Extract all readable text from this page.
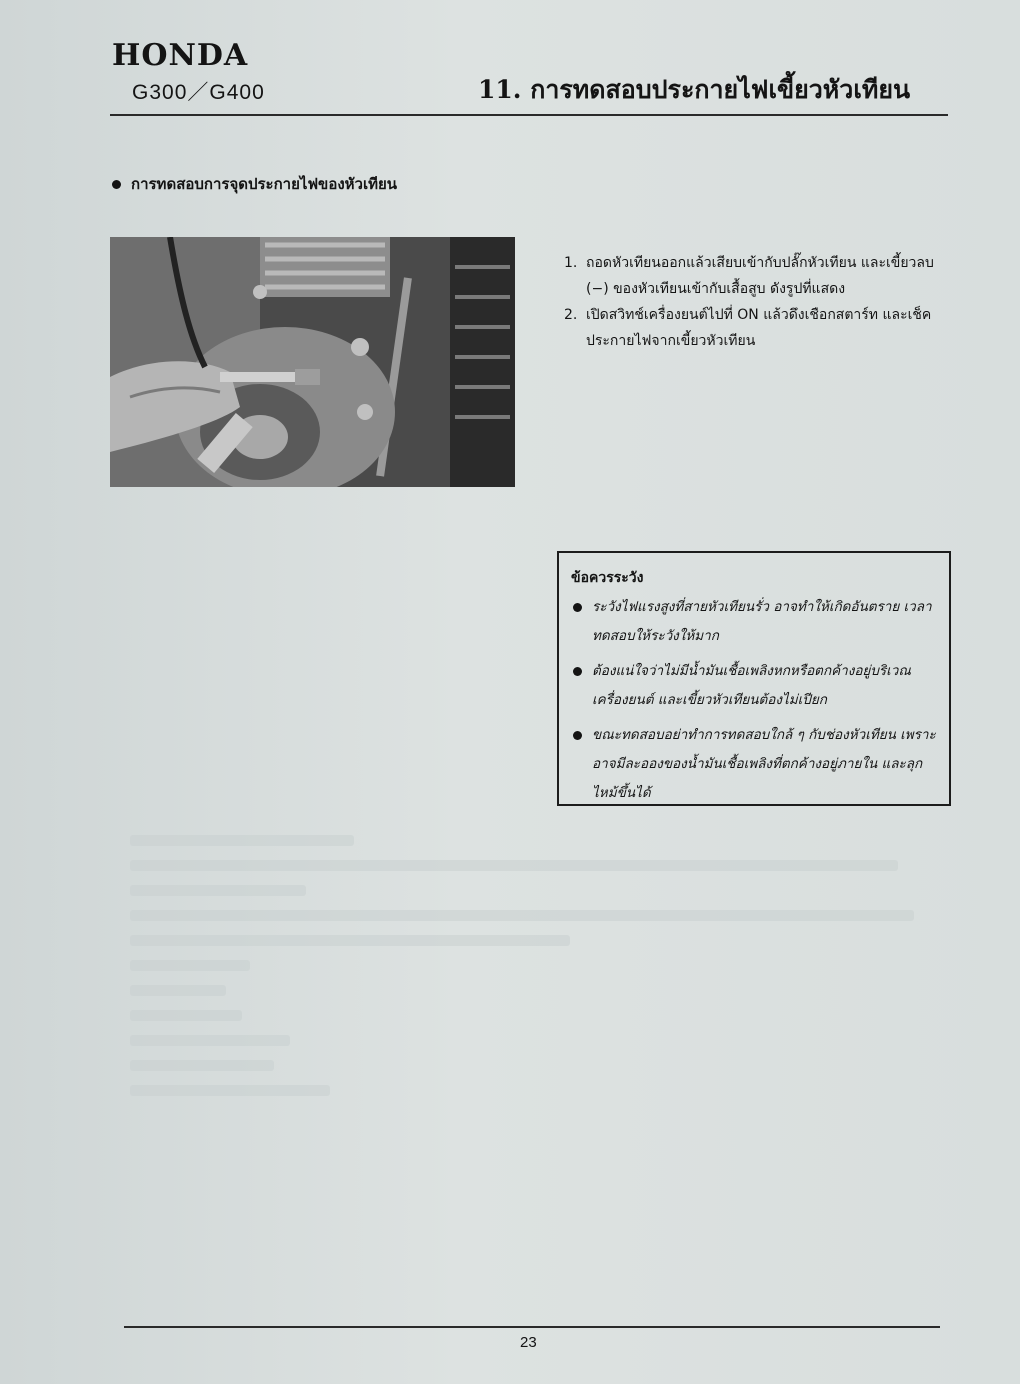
HONDA
G300／G400	11. การทดสอบประกายไฟเขี้ยวหัวเทียน
การทดสอบการจุดประกายไฟของหัวเทียน
1. ถอดหัวเทียนออกแล้วเสียบเข้ากับปลั๊กหัวเทียน และเขี้ยวลบ (−) ของหัวเทียนเข้ากับเสื้อสูบ ดังรูปที่แสดง
2. เปิดสวิทช์เครื่องยนต์ไปที่ ON แล้วดึงเชือกสตาร์ท และเช็คประกายไฟจากเขี้ยวหัวเทียน
ข้อควรระวัง
ระวังไฟแรงสูงที่สายหัวเทียนรั่ว อาจทำให้เกิดอันตราย เวลาทดสอบให้ระวังให้มาก
ต้องแน่ใจว่าไม่มีน้ำมันเชื้อเพลิงหกหรือตกค้างอยู่บริเวณ เครื่องยนต์ และเขี้ยวหัวเทียนต้องไม่เปียก
ขณะทดสอบอย่าทำการทดสอบใกล้ ๆ กับช่องหัวเทียน เพราะอาจมีละอองของน้ำมันเชื้อเพลิงที่ตกค้างอยู่ภายใน และลุกไหม้ขึ้นได้
23
